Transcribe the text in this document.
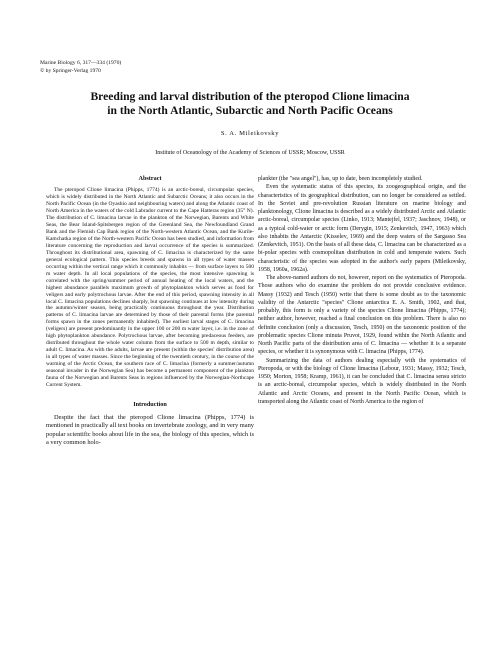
Marine Biology 6, 317—334 (1970)
© by Springer-Verlag 1970
Breeding and larval distribution of the pteropod Clione limacina
in the North Atlantic, Subarctic and North Pacific Oceans
S. A. Mileikovsky
Institute of Oceanology of the Academy of Sciences of USSR; Moscow, USSR
Abstract

The pteropod Clione limacina (Phipps, 1774) is an arctic-boreal, circumpolar species, which is widely distributed in the North Atlantic and Subarctic Oceans; it also occurs in the North Pacific Ocean (in the Oyashio and neighbouring waters) and along the Atlantic coast of North America in the waters of the cold Labrador current to the Cape Hatteras region (35° N). The distribution of C. limacina larvae in the plankton of the Norwegian, Barents and White Seas, the Bear Island-Spitsbergen region of the Greenland Sea, the Newfoundland Grand Bank and the Flemish Cap Bank region of the North-western Atlantic Ocean, and the Kurile-Kamchatka region of the North-western Pacific Ocean has been studied, and information from literature concerning the reproduction and larval occurrence of the species is summarized. Throughout its distributional area, spawning of C. limacina is characterized by the same general ecological pattern. This species breeds and spawns in all types of water masses occurring within the vertical range which it commonly inhabits — from surface layers to 500 m water depth. In all local populations of the species, the most intensive spawning is correlated with the spring/summer period of annual heating of the local waters, and the highest abundance parallels maximum growth of phytoplankton which serves as food for veligers and early polytrochous larvae. After the end of this period, spawning intensity in all local C. limacina populations declines sharply, but spawning continues at low intensity during the autumn/winter season, being practically continuous throughout the year. Distribution patterns of C. limacina larvae are determined by those of their parental forms (the parental forms spawn in the zones permanently inhabited). The earliest larval stages of C. limacina (veligers) are present predominantly in the upper 100 or 200 m water layer, i.e. in the zone of high phytoplankton abundance. Polytrochous larvae, after becoming predaceous feeders, are distributed throughout the whole water column from the surface to 500 m depth, similar to adult C. limacina. As with the adults, larvae are present (within the species' distribution area) in all types of water masses. Since the beginning of the twentieth century, in the course of the warming of the Arctic Ocean, the southern race of C. limacina (formerly a summer/autumn seasonal invader in the Norwegian Sea) has become a permanent component of the plankton fauna of the Norwegian and Barents Seas in regions influenced by the Norwegian-Northcape Current System.

Introduction

Despite the fact that the pteropod Clione limacina (Phipps, 1774) is mentioned in practically all text books on invertebrate zoology, and in very many popular scientific books about life in the sea, the biology of this species, which is a very common holo-

plankter (the "sea angel"), has, up to date, been incompletely studied.

Even the systematic status of this species, its zoogeographical origin, and the characteristics of its geographical distribution, can no longer be considered as settled. In the Soviet and pre-revolution Russian literature on marine biology and planktonology, Clione limacina is described as a widely distributed Arctic and Atlantic arctic-boreal, circumpolar species (Linko, 1913; Mantejfel, 1937; Jaschnov, 1948), or as a typical cold-water or arctic form (Derygin, 1915; Zenkevitch, 1947, 1963) which also inhabits the Antarctic (Kisselev, 1969) and the deep waters of the Sargasso Sea (Zenkevitch, 1951). On the basis of all these data, C. limacina can be characterized as a bi-polar species with cosmopolitan distribution in cold and temperate waters. Such characteristic of the species was adopted in the author's early papers (Mileikovsky, 1958, 1960a, 1962a).

The above-named authors do not, however, report on the systematics of Pteropoda. Those authors who do examine the problem do not provide conclusive evidence. Massy (1932) and Tesch (1950) write that there is some doubt as to the taxonomic validity of the Antarctic "species" Clione antarctica E. A. Smith, 1902, and that, probably, this form is only a variety of the species Clione limacina (Phipps, 1774); neither author, however, reached a final conclusion on this problem. There is also no definite conclusion (only a discussion, Tesch, 1950) on the taxonomic position of the problematic species Clione minuta Pruvot, 1929, found within the North Atlantic and North Pacific parts of the distribution area of C. limacina — whether it is a separate species, or whether it is synonymous with C. limacina (Phipps, 1774).

Summarizing the data of authors dealing especially with the systematics of Pteropoda, or with the biology of Clione limacina (Lebour, 1931; Massy, 1932; Tesch, 1950; Morton, 1958; Kramp, 1961), it can be concluded that C. limacina sensu stricto is an arctic-boreal, circumpolar species, which is widely distributed in the North Atlantic and Arctic Oceans, and present in the North Pacific Ocean, which is transported along the Atlantic coast of North America to the region of
